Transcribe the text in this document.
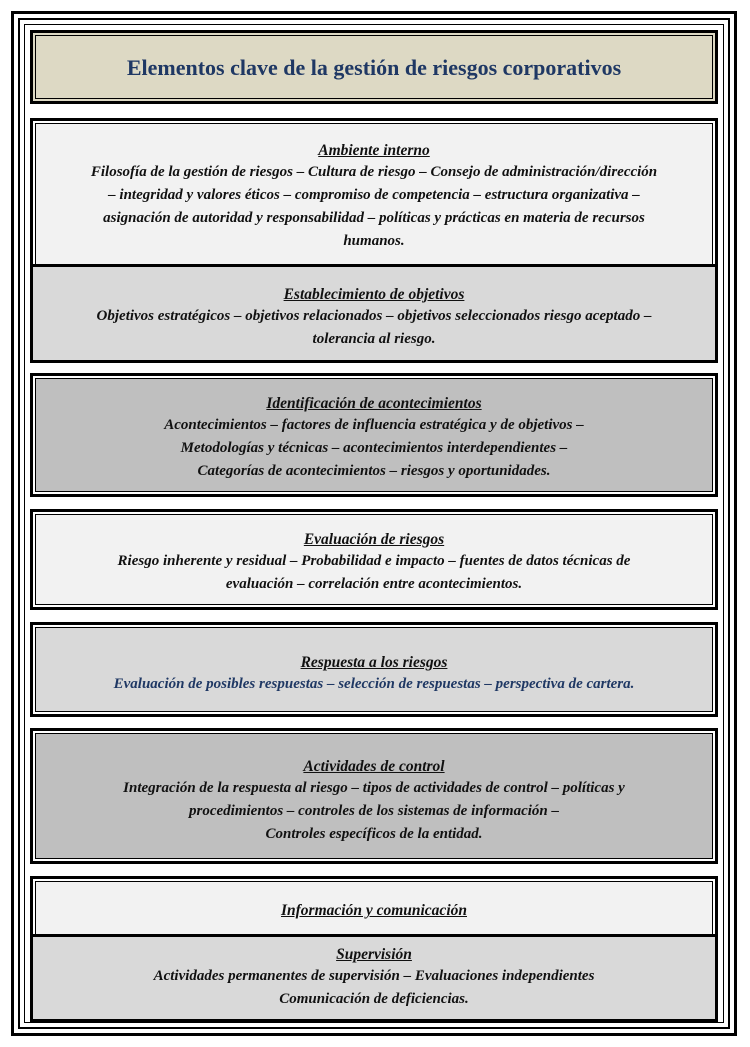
Elementos clave de la gestión de riesgos corporativos
Ambiente interno
Filosofía de la gestión de riesgos – Cultura de riesgo – Consejo de administración/dirección
– integridad y valores éticos – compromiso de competencia – estructura organizativa –
asignación de autoridad y responsabilidad – políticas y prácticas en materia de recursos
humanos.
Establecimiento de objetivos
Objetivos estratégicos – objetivos relacionados – objetivos seleccionados riesgo aceptado –
tolerancia al riesgo.
Identificación de acontecimientos
Acontecimientos – factores de influencia estratégica y de objetivos –
Metodologías y técnicas – acontecimientos interdependientes –
Categorías de acontecimientos – riesgos y oportunidades.
Evaluación de riesgos
Riesgo inherente y residual – Probabilidad e impacto – fuentes de datos técnicas de
evaluación – correlación entre acontecimientos.
Respuesta a los riesgos
Evaluación de posibles respuestas – selección de respuestas – perspectiva de cartera.
Actividades de control
Integración de la respuesta al riesgo – tipos de actividades de control – políticas y
procedimientos – controles de los sistemas de información –
Controles específicos de la entidad.
Información y comunicación
Supervisión
Actividades permanentes de supervisión – Evaluaciones independientes
Comunicación de deficiencias.
